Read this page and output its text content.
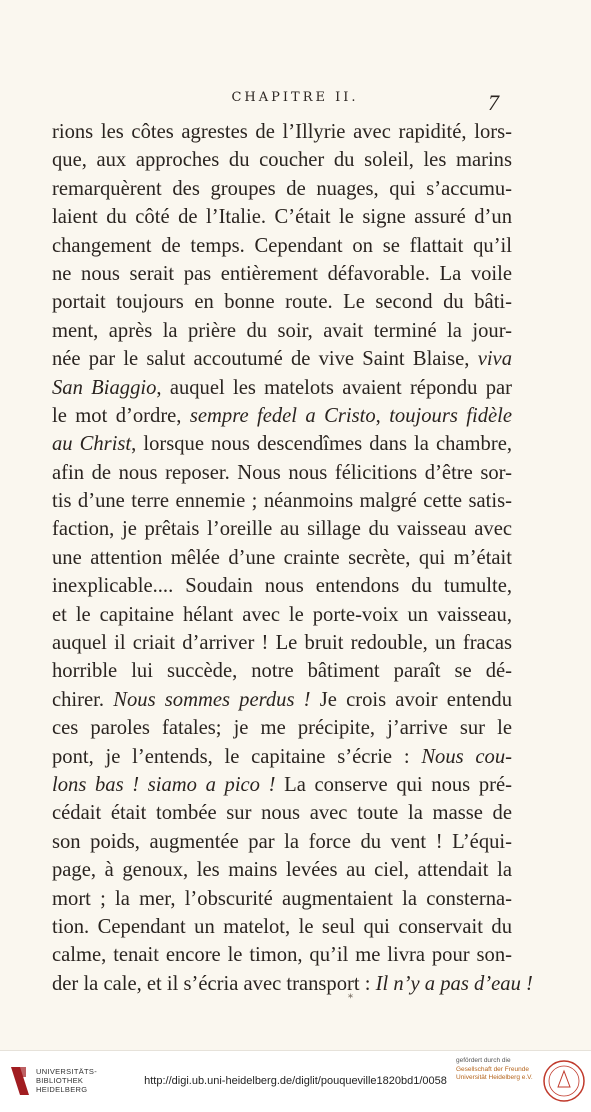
CHAPITRE II.	7
rions les côtes agrestes de l’Illyrie avec rapidité, lors-
que, aux approches du coucher du soleil, les marins
remarquèrent des groupes de nuages, qui s’accumu-
laient du côté de l’Italie. C’était le signe assuré d’un
changement de temps. Cependant on se flattait qu’il
ne nous serait pas entièrement défavorable. La voile
portait toujours en bonne route. Le second du bâti-
ment, après la prière du soir, avait terminé la jour-
née par le salut accoutumé de vive Saint Blaise, viva
San Biaggio, auquel les matelots avaient répondu par
le mot d’ordre, sempre fedel a Cristo, toujours fidèle
au Christ, lorsque nous descendîmes dans la chambre,
afin de nous reposer. Nous nous félicitions d’être sor-
tis d’une terre ennemie ; néanmoins malgré cette satis-
faction, je prêtais l’oreille au sillage du vaisseau avec
une attention mêlée d’une crainte secrète, qui m’était
inexplicable.... Soudain nous entendons du tumulte,
et le capitaine hélant avec le porte-voix un vaisseau,
auquel il criait d’arriver ! Le bruit redouble, un fracas
horrible lui succède, notre bâtiment paraît se dé-
chirer. Nous sommes perdus ! Je crois avoir entendu
ces paroles fatales; je me précipite, j’arrive sur le
pont, je l’entends, le capitaine s’écrie : Nous cou-
lons bas ! siamo a pico ! La conserve qui nous pré-
cédait était tombée sur nous avec toute la masse de
son poids, augmentée par la force du vent ! L’équi-
page, à genoux, les mains levées au ciel, attendait la
mort ; la mer, l’obscurité augmentaient la consterna-
tion. Cependant un matelot, le seul qui conservait du
calme, tenait encore le timon, qu’il me livra pour son-
der la cale, et il s’écria avec transport : Il n’y a pas d’eau !
*
UNIVERSITÄTS-
BIBLIOTHEK
HEIDELBERG
http://digi.ub.uni-heidelberg.de/diglit/pouqueville1820bd1/0058
gefördert durch die
Gesellschaft der Freunde
Universität Heidelberg e.V.
